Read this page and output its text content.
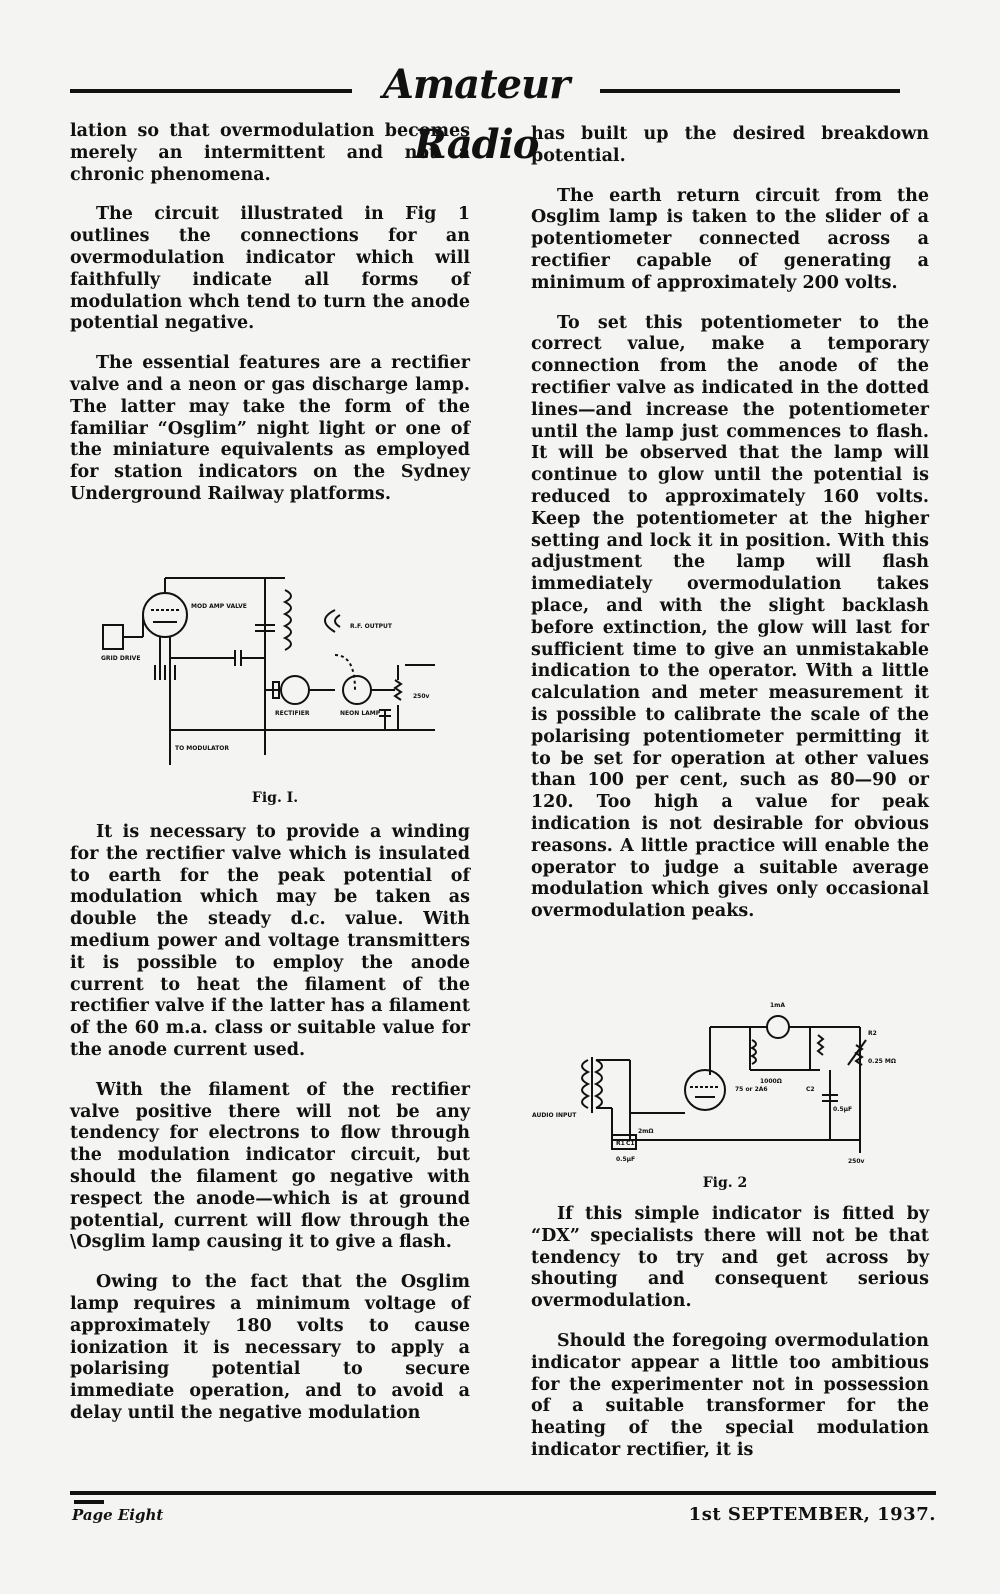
Amateur Radio

lation so that overmodulation becomes merely an intermittent and not a chronic phenomena.

The circuit illustrated in Fig 1 outlines the connections for an overmodulation indicator which will faithfully indicate all forms of modulation whch tend to turn the anode potential negative.

The essential features are a rectifier valve and a neon or gas discharge lamp. The latter may take the form of the familiar “Osglim” night light or one of the miniature equivalents as employed for station indicators on the Sydney Underground Railway platforms.

MOD AMP VALVE
GRID DRIVE
R.F. OUTPUT
RECTIFIER	NEON LAMP
250v
TO MODULATOR
Fig. I.

It is necessary to provide a winding for the rectifier valve which is insulated to earth for the peak potential of modulation which may be taken as double the steady d.c. value. With medium power and voltage transmitters it is possible to employ the anode current to heat the filament of the rectifier valve if the latter has a filament of the 60 m.a. class or suitable value for the anode current used.

With the filament of the rectifier valve positive there will not be any tendency for electrons to flow through the modulation indicator circuit, but should the filament go negative with respect the anode—which is at ground potential, current will flow through the \Osglim lamp causing it to give a flash.

Owing to the fact that the Osglim lamp requires a minimum voltage of approximately 180 volts to cause ionization it is necessary to apply a polarising potential to secure immediate operation, and to avoid a delay until the negative modulation

has built up the desired breakdown potential.

The earth return circuit from the Osglim lamp is taken to the slider of a potentiometer connected across a rectifier capable of generating a minimum of approximately 200 volts.

To set this potentiometer to the correct value, make a temporary connection from the anode of the rectifier valve as indicated in the dotted lines—and increase the potentiometer until the lamp just commences to flash. It will be observed that the lamp will continue to glow until the potential is reduced to approximately 160 volts. Keep the potentiometer at the higher setting and lock it in position. With this adjustment the lamp will flash immediately overmodulation takes place, and with the slight backlash before extinction, the glow will last for sufficient time to give an unmistakable indication to the operator. With a little calculation and meter measurement it is possible to calibrate the scale of the polarising potentiometer permitting it to be set for operation at other values than 100 per cent, such as 80—90 or 120. Too high a value for peak indication is not desirable for obvious reasons. A little practice will enable the operator to judge a suitable average modulation which gives only occasional overmodulation peaks.

1mA
AUDIO INPUT
2mΩ
0.5μF
75 or 2A6
1000Ω
C2
0.5μF
0.25 MΩ
250v
R1 C1
R2
Fig. 2

If this simple indicator is fitted by “DX” specialists there will not be that tendency to try and get across by shouting and consequent serious overmodulation.

Should the foregoing overmodulation indicator appear a little too ambitious for the experimenter not in possession of a suitable transformer for the heating of the special modulation indicator rectifier, it is

Page Eight	1st SEPTEMBER, 1937.
